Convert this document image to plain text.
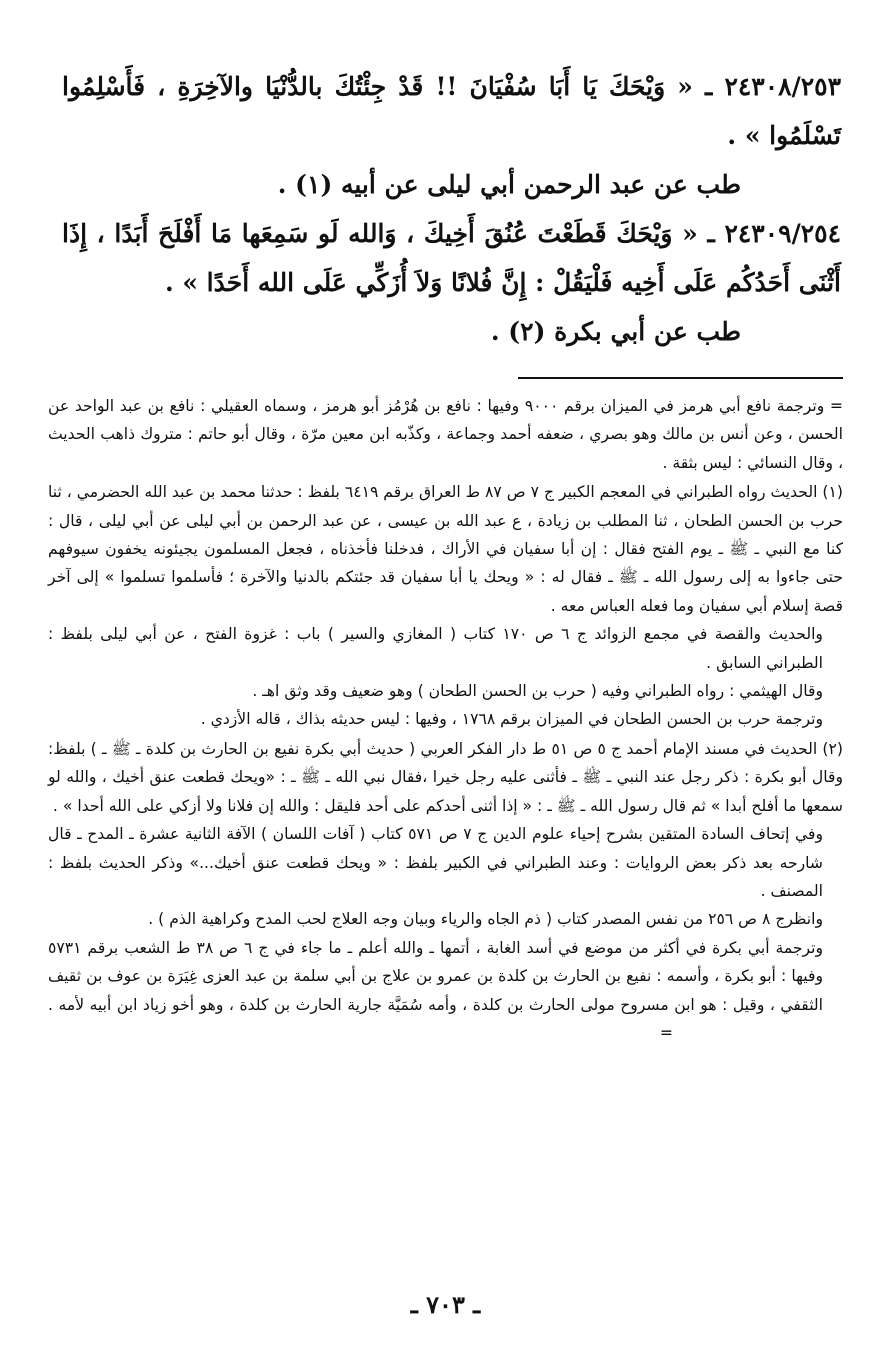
٢٤٣٠٨/٢٥٣ ـ « وَيْحَكَ يَا أَبَا سُفْيَانَ !! قَدْ جِئْتُكَ بالدُّنْيَا والآخِرَةِ ، فَأَسْلِمُوا تَسْلَمُوا » .

طب عن عبد الرحمن أبي ليلى عن أبيه (١) .

٢٤٣٠٩/٢٥٤ ـ « وَيْحَكَ قَطَعْتَ عُنُقَ أَخِيكَ ، وَالله لَو سَمِعَها مَا أَفْلَحَ أَبَدًا ، إِذَا أَثْنَى أَحَدُكُم عَلَى أَخِيه فَلْيَقُلْ : إِنَّ فُلانًا وَلاَ أُزَكِّي عَلَى الله أَحَدًا » .

طب عن أبي بكرة (٢) .

= وترجمة نافع أبي هرمز في الميزان برقم ٩٠٠٠ وفيها : نافع بن هُرْمُز أبو هرمز ، وسماه العقيلي : نافع بن عبد الواحد عن الحسن ، وعن أنس بن مالك وهو بصري ، ضعفه أحمد وجماعة ، وكذّبه ابن معين مرّة ، وقال أبو حاتم : متروك ذاهب الحديث ، وقال النسائي : ليس بثقة .

(١) الحديث رواه الطبراني في المعجم الكبير ج ٧ ص ٨٧ ط العراق برقم ٦٤١٩ بلفظ : حدثنا محمد بن عبد الله الحضرمي ، ثنا حرب بن الحسن الطحان ، ثنا المطلب بن زيادة ، ع عبد الله بن عيسى ، عن عبد الرحمن بن أبي ليلى عن أبي ليلى ، قال : كنا مع النبي ـ ﷺ ـ يوم الفتح فقال : إن أبا سفيان في الأراك ، فدخلنا فأخذناه ، فجعل المسلمون يجيئونه يخفون سيوفهم حتى جاءوا به إلى رسول الله ـ ﷺ ـ فقال له : « ويحك يا أبا سفيان قد جئتكم بالدنيا والآخرة ؛ فأسلموا تسلموا » إلى آخر قصة إسلام أبي سفيان وما فعله العباس معه .

والحديث والقصة في مجمع الزوائد ج ٦ ص ١٧٠ كتاب ( المغازي والسير ) باب : غزوة الفتح ، عن أبي ليلى بلفظ : الطبراني السابق .

وقال الهيثمي : رواه الطبراني وفيه ( حرب بن الحسن الطحان ) وهو ضعيف وقد وثق اهـ .

وترجمة حرب بن الحسن الطحان في الميزان برقم ١٧٦٨ ، وفيها : ليس حديثه بذاك ، قاله الأزدي .

(٢) الحديث في مسند الإمام أحمد ج ٥ ص ٥١ ط دار الفكر العربي ( حديث أبي بكرة نفيع بن الحارث بن كلدة ـ ﷺ ـ ) بلفظ: وقال أبو بكرة : ذكر رجل عند النبي ـ ﷺ ـ فأثنى عليه رجل خيرا ،فقال نبي الله ـ ﷺ ـ : «ويحك قطعت عنق أخيك ، والله لو سمعها ما أفلح أبدا » ثم قال رسول الله ـ ﷺ ـ : « إذا أثنى أحدكم على أحد فليقل : والله إن فلانا ولا أزكي على الله أحدا » .

وفي إتحاف السادة المتقين بشرح إحياء علوم الدين ج ٧ ص ٥٧١ كتاب ( آفات اللسان ) الآفة الثانية عشرة ـ المدح ـ قال شارحه بعد ذكر بعض الروايات : وعند الطبراني في الكبير بلفظ : « ويحك قطعت عنق أخيك...» وذكر الحديث بلفظ : المصنف .

وانظرج ٨ ص ٢٥٦ من نفس المصدر كتاب ( ذم الجاه والرياء وبيان وجه العلاج لحب المدح وكراهية الذم ) .

وترجمة أبي بكرة في أكثر من موضع في أسد الغابة ، أتمها ـ والله أعلم ـ ما جاء في ج ٦ ص ٣٨ ط الشعب برقم ٥٧٣١ وفيها : أبو بكرة ، وأسمه : نفيع بن الحارث بن كلدة بن عمرو بن علاج بن أبي سلمة بن عبد العزى غِيَرَة بن عوف بن ثقيف الثقفي ، وقيل : هو ابن مسروح مولى الحارث بن كلدة ، وأمه سُمَيَّة جارية الحارث بن كلدة ، وهو أخو زياد ابن أبيه لأمه . =

ـ ٧٠٣ ـ
